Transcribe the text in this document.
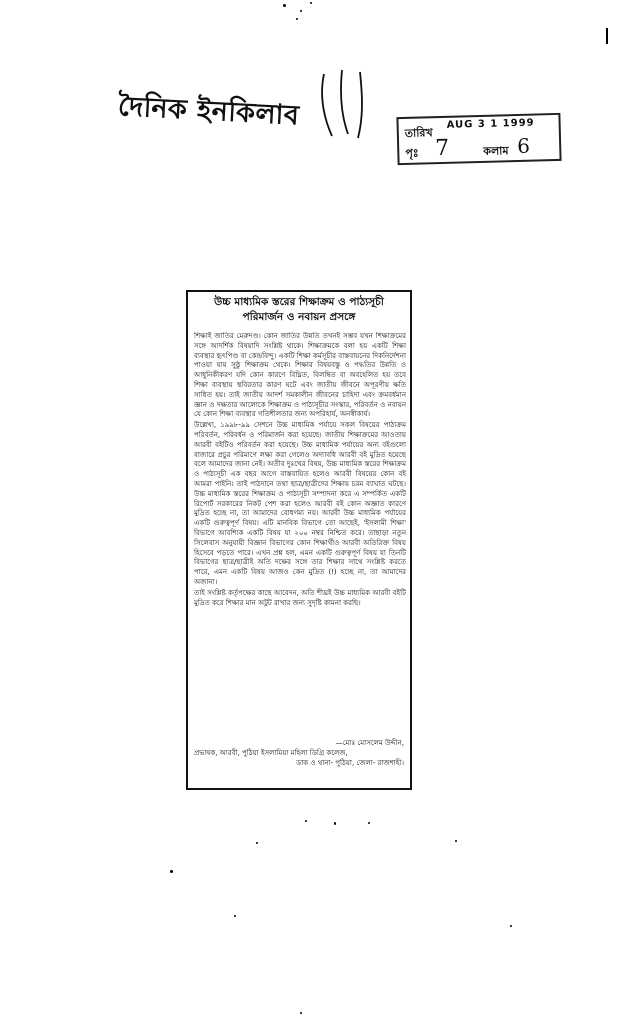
দৈনিক ইনকিলাব
তারিখ
AUG 3 1 1999
পৃঃ 7	কলাম 6
উচ্চ মাধ্যমিক স্তরের শিক্ষাক্রম ও পাঠ্যসূচী
পরিমার্জন ও নবায়ন প্রসঙ্গে

শিক্ষাই জাতির মেরুদণ্ড। কোন জাতির উন্নতি তখনই সম্ভব যখন শিক্ষাক্রমের সঙ্গে আদর্শিক বিষয়াদি সংশ্লিষ্ট থাকে। শিক্ষাক্রমকে বলা হয় একটি শিক্ষা ব্যবস্থার হৃৎপিণ্ড বা কেন্দ্রবিন্দু। একটি শিক্ষা কর্মসূচীর বাস্তবায়নের দিকনির্দেশনা পাওয়া যায় সুষ্ঠু শিক্ষাক্রম থেকে। শিক্ষার বিষয়বস্তু ও পদ্ধতির উন্নতি ও আধুনিকীকরণ যদি কোন কারণে বিঘ্নিত, বিলম্বিত বা অবহেলিত হয় তবে শিক্ষা ব্যবস্থায় স্থবিরতার কারণ ঘটে এবং জাতীয় জীবনে অপূরণীয় ক্ষতি সাধিত হয়। তাই জাতীয় আদর্শ সমকালীন জীবনের চাহিদা এবং ক্রমবর্ধমান জ্ঞান ও দক্ষতার আলোকে শিক্ষাক্রম ও পাঠ্যসূচীর সংস্কার, পরিবর্তন ও নবায়ন যে কোন শিক্ষা ব্যবস্থার গতিশীলতার জন্য অপরিহার্য, অনস্বীকার্য।

উল্লেখ্য, ১৯৯৮-৯৯ সেশনে উচ্চ মাধ্যমিক পর্যায়ে সকল বিষয়ের পাঠ্যক্রম পরিবর্তন, পরিবর্ধন ও পরিমার্জন করা হয়েছে। জাতীয় শিক্ষাক্রমের আওতায় আরবী বইটিও পরিবর্তন করা হয়েছে। উচ্চ মাধ্যমিক পর্যায়ের অন্য বইগুলো বাজারে প্রচুর পরিমাণে লক্ষ্য করা গেলেও অদ্যাবধি আরবী বই মুদ্রিত হয়েছে বলে আমাদের জানা নেই। অতীব দুঃখের বিষয়, উচ্চ মাধ্যমিক স্তরের শিক্ষাক্রম ও পাঠ্যসূচী এক বছর আগে বাস্তবায়িত হলেও আরবী বিষয়ের কোন বই আমরা পাইনি। তাই পাঠদানে তথা ছাত্র/ছাত্রীদের শিক্ষায় চরম ব্যাঘাত ঘটছে। উচ্চ মাধ্যমিক স্তরের শিক্ষাক্রম ও পাঠ্যসূচী সম্পাদনা করে এ সম্পর্কিত একটি রিপোর্ট সরকারের নিকট পেশ করা হলেও আরবী বই কোন অজ্ঞাত কারণে মুদ্রিত হচ্ছে না, তা আমাদের বোধগম্য নয়। আরবী উচ্চ মাধ্যমিক পর্যায়ের একটি গুরুত্বপূর্ণ বিষয়। এটি মানবিক বিভাগে তো আছেই, 'ইসলামী শিক্ষা' বিভাগে আবশ্যিক একটি বিষয় যা ২০০ নম্বর নিশ্চিত করে। তাছাড়া নতুন সিলেবাস অনুযায়ী বিজ্ঞান বিভাগের কোন শিক্ষার্থীও আরবী অতিরিক্ত বিষয় হিসেবে পড়তে পারে। এখন প্রশ্ন হল, এমন একটি গুরুত্বপূর্ণ বিষয় যা তিনটি বিভাগের ছাত্র/ছাত্রীই অতি দক্ষের সঙ্গে তার শিক্ষার সাথে সংশ্লিষ্ট করতে পারে, এমন একটি বিষয় আজও কেন মুদ্রিত (!) হচ্ছে না, তা আমাদের অজানা।

তাই সংশ্লিষ্ট কর্তৃপক্ষের কাছে আবেদন, অতি শীঘ্রই উচ্চ মাধ্যমিক আরবী বইটি মুদ্রিত করে শিক্ষার মান অটুট রাখার জন্য সুদৃষ্টি কামনা করছি।

—মোঃ মোসলেম উদ্দীন,
প্রভাষক, আরবী, পুঠিয়া ইসলামিয়া মহিলা ডিগ্রি কলেজ,
ডাক ও থানা- পুঠিয়া, জেলা- রাজশাহী।
